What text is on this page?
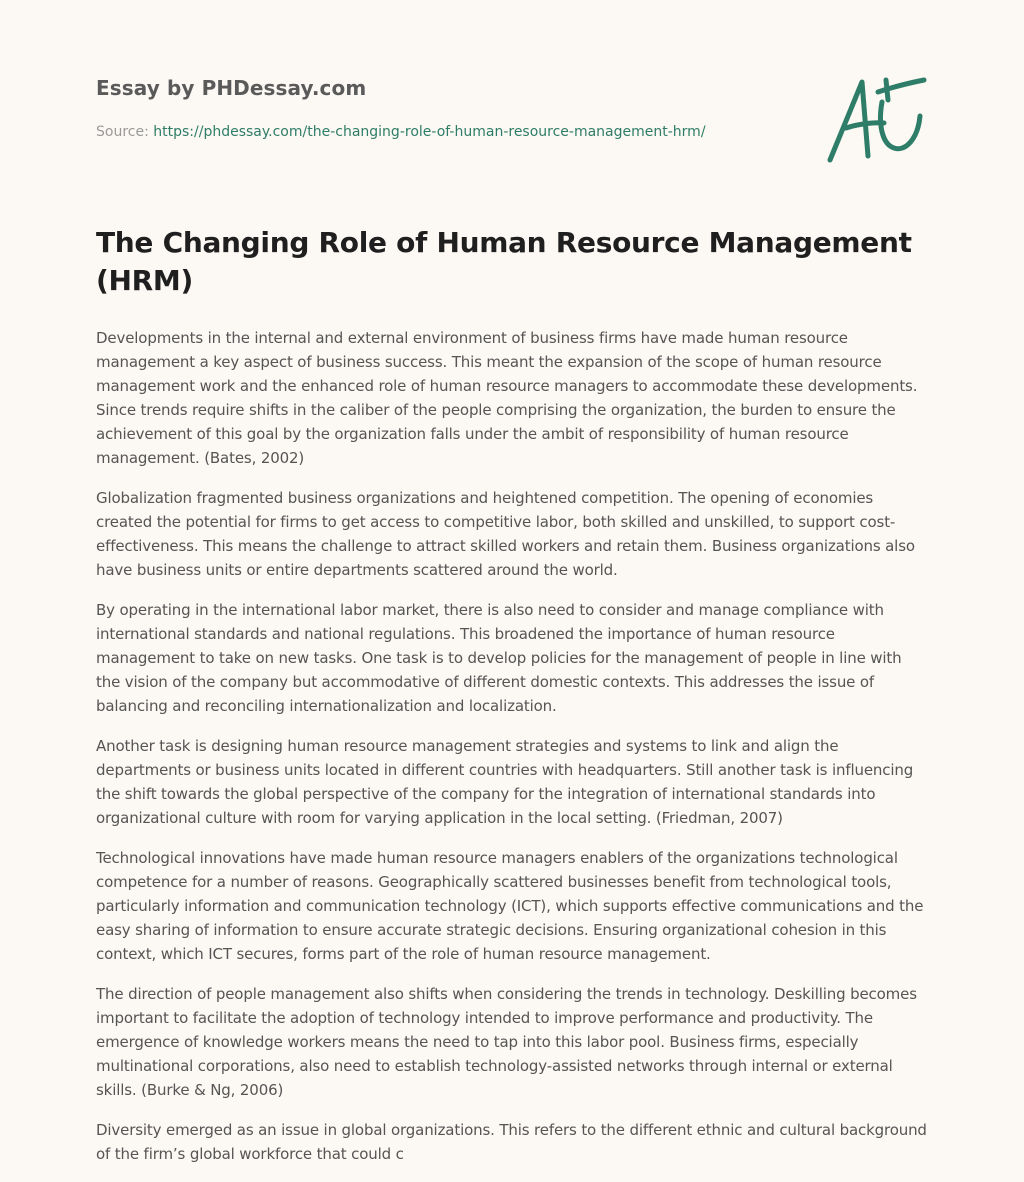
Essay by PHDessay.com
Source: https://phdessay.com/the-changing-role-of-human-resource-management-hrm/
The Changing Role of Human Resource Management (HRM)

Developments in the internal and external environment of business firms have made human resource management a key aspect of business success. This meant the expansion of the scope of human resource management work and the enhanced role of human resource managers to accommodate these developments. Since trends require shifts in the caliber of the people comprising the organization, the burden to ensure the achievement of this goal by the organization falls under the ambit of responsibility of human resource management. (Bates, 2002)

Globalization fragmented business organizations and heightened competition. The opening of economies created the potential for firms to get access to competitive labor, both skilled and unskilled, to support cost-effectiveness. This means the challenge to attract skilled workers and retain them. Business organizations also have business units or entire departments scattered around the world.

By operating in the international labor market, there is also need to consider and manage compliance with international standards and national regulations. This broadened the importance of human resource management to take on new tasks. One task is to develop policies for the management of people in line with the vision of the company but accommodative of different domestic contexts. This addresses the issue of balancing and reconciling internationalization and localization.

Another task is designing human resource management strategies and systems to link and align the departments or business units located in different countries with headquarters. Still another task is influencing the shift towards the global perspective of the company for the integration of international standards into organizational culture with room for varying application in the local setting. (Friedman, 2007)

Technological innovations have made human resource managers enablers of the organizations technological competence for a number of reasons. Geographically scattered businesses benefit from technological tools, particularly information and communication technology (ICT), which supports effective communications and the easy sharing of information to ensure accurate strategic decisions. Ensuring organizational cohesion in this context, which ICT secures, forms part of the role of human resource management.

The direction of people management also shifts when considering the trends in technology. Deskilling becomes important to facilitate the adoption of technology intended to improve performance and productivity. The emergence of knowledge workers means the need to tap into this labor pool. Business firms, especially multinational corporations, also need to establish technology-assisted networks through internal or external skills. (Burke & Ng, 2006)

Diversity emerged as an issue in global organizations. This refers to the different ethnic and cultural background of the firm’s global workforce that could c
